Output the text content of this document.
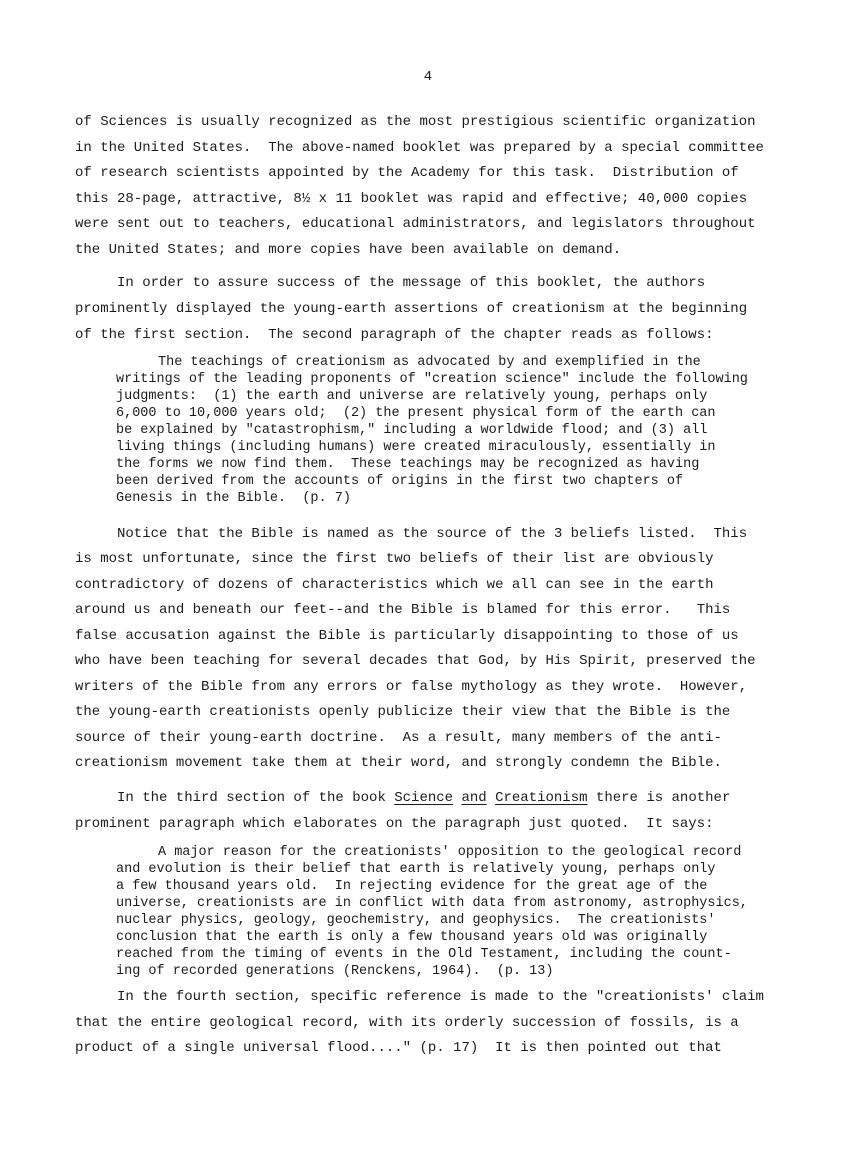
4
of Sciences is usually recognized as the most prestigious scientific organization
in the United States.  The above-named booklet was prepared by a special committee
of research scientists appointed by the Academy for this task.  Distribution of
this 28-page, attractive, 8½ x 11 booklet was rapid and effective; 40,000 copies
were sent out to teachers, educational administrators, and legislators throughout
the United States; and more copies have been available on demand.
In order to assure success of the message of this booklet, the authors
prominently displayed the young-earth assertions of creationism at the beginning
of the first section.  The second paragraph of the chapter reads as follows:
The teachings of creationism as advocated by and exemplified in the
writings of the leading proponents of "creation science" include the following
judgments:  (1) the earth and universe are relatively young, perhaps only
6,000 to 10,000 years old;  (2) the present physical form of the earth can
be explained by "catastrophism," including a worldwide flood; and (3) all
living things (including humans) were created miraculously, essentially in
the forms we now find them.  These teachings may be recognized as having
been derived from the accounts of origins in the first two chapters of
Genesis in the Bible.  (p. 7)
Notice that the Bible is named as the source of the 3 beliefs listed.  This
is most unfortunate, since the first two beliefs of their list are obviously
contradictory of dozens of characteristics which we all can see in the earth
around us and beneath our feet--and the Bible is blamed for this error.   This
false accusation against the Bible is particularly disappointing to those of us
who have been teaching for several decades that God, by His Spirit, preserved the
writers of the Bible from any errors or false mythology as they wrote.  However,
the young-earth creationists openly publicize their view that the Bible is the
source of their young-earth doctrine.  As a result, many members of the anti-
creationism movement take them at their word, and strongly condemn the Bible.
In the third section of the book Science and Creationism there is another
prominent paragraph which elaborates on the paragraph just quoted.  It says:
A major reason for the creationists' opposition to the geological record
and evolution is their belief that earth is relatively young, perhaps only
a few thousand years old.  In rejecting evidence for the great age of the
universe, creationists are in conflict with data from astronomy, astrophysics,
nuclear physics, geology, geochemistry, and geophysics.  The creationists'
conclusion that the earth is only a few thousand years old was originally
reached from the timing of events in the Old Testament, including the count-
ing of recorded generations (Renckens, 1964).  (p. 13)
In the fourth section, specific reference is made to the "creationists' claim
that the entire geological record, with its orderly succession of fossils, is a
product of a single universal flood...." (p. 17)  It is then pointed out that
